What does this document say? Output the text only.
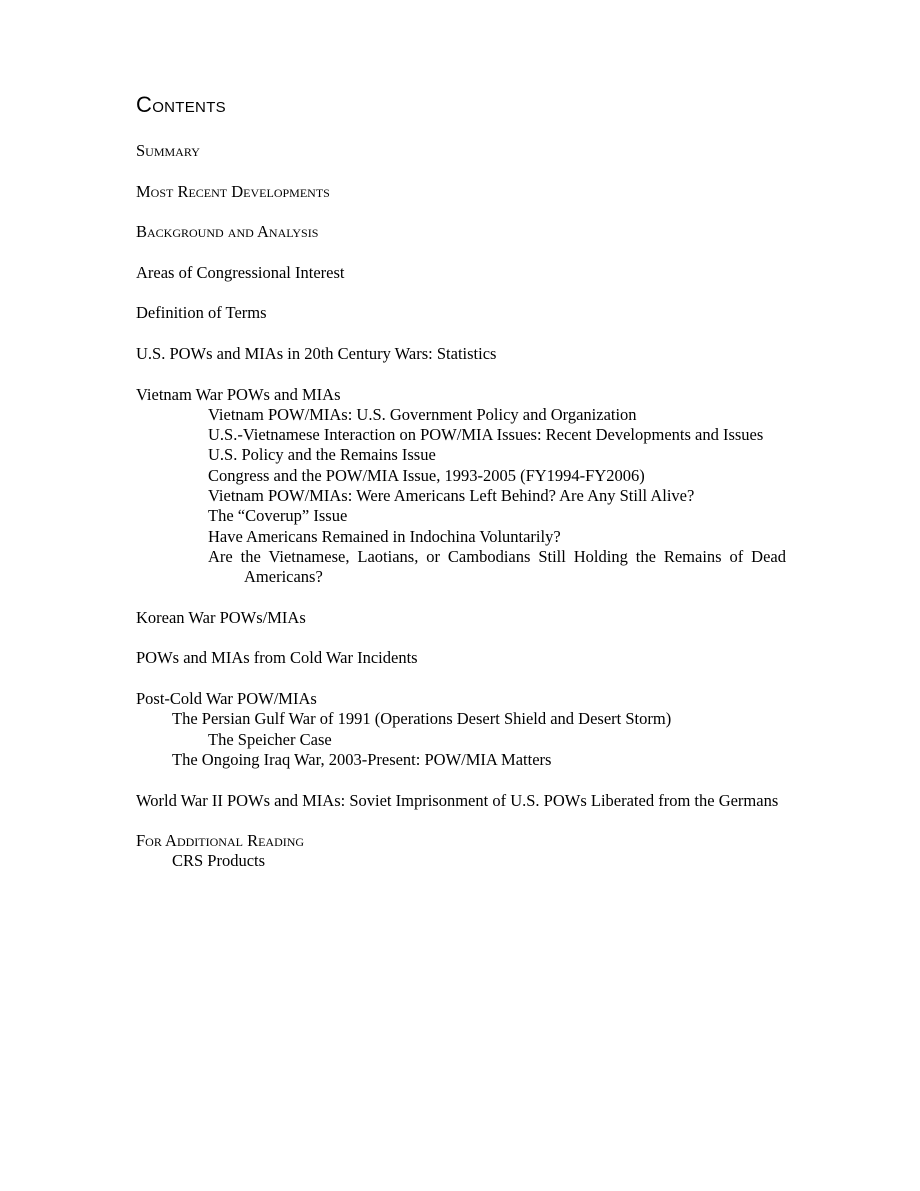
Contents

Summary

Most Recent Developments

Background and Analysis

Areas of Congressional Interest

Definition of Terms

U.S. POWs and MIAs in 20th Century Wars: Statistics

Vietnam War POWs and MIAs

Vietnam POW/MIAs: U.S. Government Policy and Organization

U.S.-Vietnamese Interaction on POW/MIA Issues: Recent Developments and Issues

U.S. Policy and the Remains Issue

Congress and the POW/MIA Issue, 1993-2005 (FY1994-FY2006)

Vietnam POW/MIAs: Were Americans Left Behind? Are Any Still Alive?

The “Coverup” Issue

Have Americans Remained in Indochina Voluntarily?

Are the Vietnamese, Laotians, or Cambodians Still Holding the Remains of Dead Americans?

Korean War POWs/MIAs

POWs and MIAs from Cold War Incidents

Post-Cold War POW/MIAs

The Persian Gulf War of 1991 (Operations Desert Shield and Desert Storm)

The Speicher Case

The Ongoing Iraq War, 2003-Present: POW/MIA Matters

World War II POWs and MIAs: Soviet Imprisonment of U.S. POWs Liberated from the Germans

For Additional Reading

CRS Products
